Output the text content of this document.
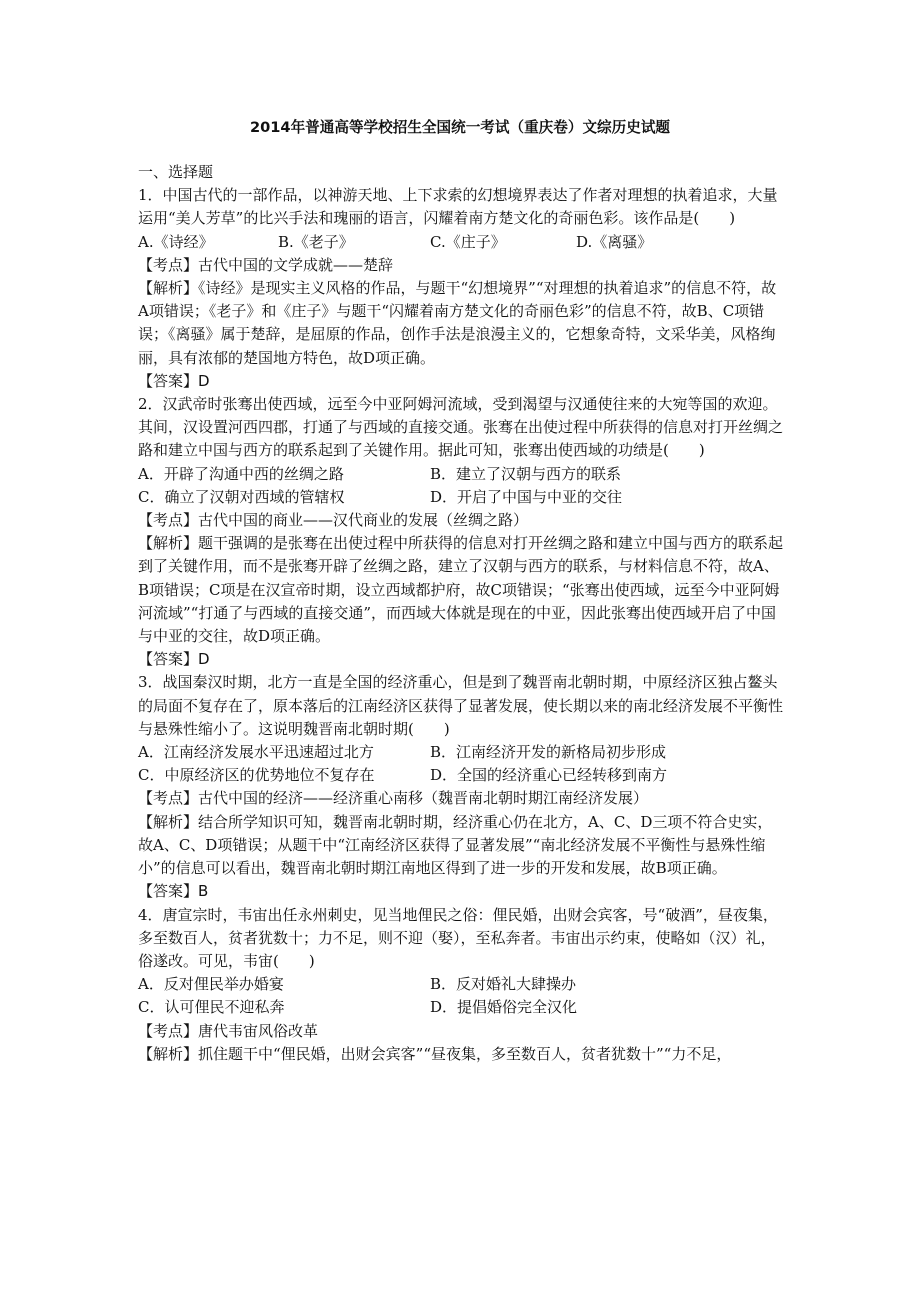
2014年普通高等学校招生全国统一考试（重庆卷）文综历史试题

一、选择题

1．中国古代的一部作品，以神游天地、上下求索的幻想境界表达了作者对理想的执着追求，大量运用“美人芳草”的比兴手法和瑰丽的语言，闪耀着南方楚文化的奇丽色彩。该作品是(　　)

A.《诗经》	B.《老子》	C.《庄子》	D.《离骚》

【考点】古代中国的文学成就——楚辞

【解析】《诗经》是现实主义风格的作品，与题干“幻想境界”“对理想的执着追求”的信息不符，故A项错误；《老子》和《庄子》与题干“闪耀着南方楚文化的奇丽色彩”的信息不符，故B、C项错误；《离骚》属于楚辞，是屈原的作品，创作手法是浪漫主义的，它想象奇特，文采华美，风格绚丽，具有浓郁的楚国地方特色，故D项正确。

【答案】D

2．汉武帝时张骞出使西域，远至今中亚阿姆河流域，受到渴望与汉通使往来的大宛等国的欢迎。其间，汉设置河西四郡，打通了与西域的直接交通。张骞在出使过程中所获得的信息对打开丝绸之路和建立中国与西方的联系起到了关键作用。据此可知，张骞出使西域的功绩是(　　)

A．开辟了沟通中西的丝绸之路	B．建立了汉朝与西方的联系
C．确立了汉朝对西域的管辖权	D．开启了中国与中亚的交往

【考点】古代中国的商业——汉代商业的发展（丝绸之路）

【解析】题干强调的是张骞在出使过程中所获得的信息对打开丝绸之路和建立中国与西方的联系起到了关键作用，而不是张骞开辟了丝绸之路，建立了汉朝与西方的联系，与材料信息不符，故A、B项错误；C项是在汉宣帝时期，设立西域都护府，故C项错误；“张骞出使西域，远至今中亚阿姆河流域”“打通了与西域的直接交通”，而西域大体就是现在的中亚，因此张骞出使西域开启了中国与中亚的交往，故D项正确。

【答案】D

3．战国秦汉时期，北方一直是全国的经济重心，但是到了魏晋南北朝时期，中原经济区独占鳌头的局面不复存在了，原本落后的江南经济区获得了显著发展，使长期以来的南北经济发展不平衡性与悬殊性缩小了。这说明魏晋南北朝时期(　　)

A．江南经济发展水平迅速超过北方	B．江南经济开发的新格局初步形成
C．中原经济区的优势地位不复存在	D．全国的经济重心已经转移到南方

【考点】古代中国的经济——经济重心南移（魏晋南北朝时期江南经济发展）

【解析】结合所学知识可知，魏晋南北朝时期，经济重心仍在北方，A、C、D三项不符合史实，故A、C、D项错误；从题干中“江南经济区获得了显著发展”“南北经济发展不平衡性与悬殊性缩小”的信息可以看出，魏晋南北朝时期江南地区得到了进一步的开发和发展，故B项正确。

【答案】B

4．唐宣宗时，韦宙出任永州刺史，见当地俚民之俗：俚民婚，出财会宾客，号“破酒”，昼夜集，多至数百人，贫者犹数十；力不足，则不迎（娶），至私奔者。韦宙出示约束，使略如（汉）礼，俗遂改。可见，韦宙(　　)

A．反对俚民举办婚宴	B．反对婚礼大肆操办
C．认可俚民不迎私奔	D．提倡婚俗完全汉化

【考点】唐代韦宙风俗改革

【解析】抓住题干中“俚民婚，出财会宾客”“昼夜集，多至数百人，贫者犹数十”“力不足，
